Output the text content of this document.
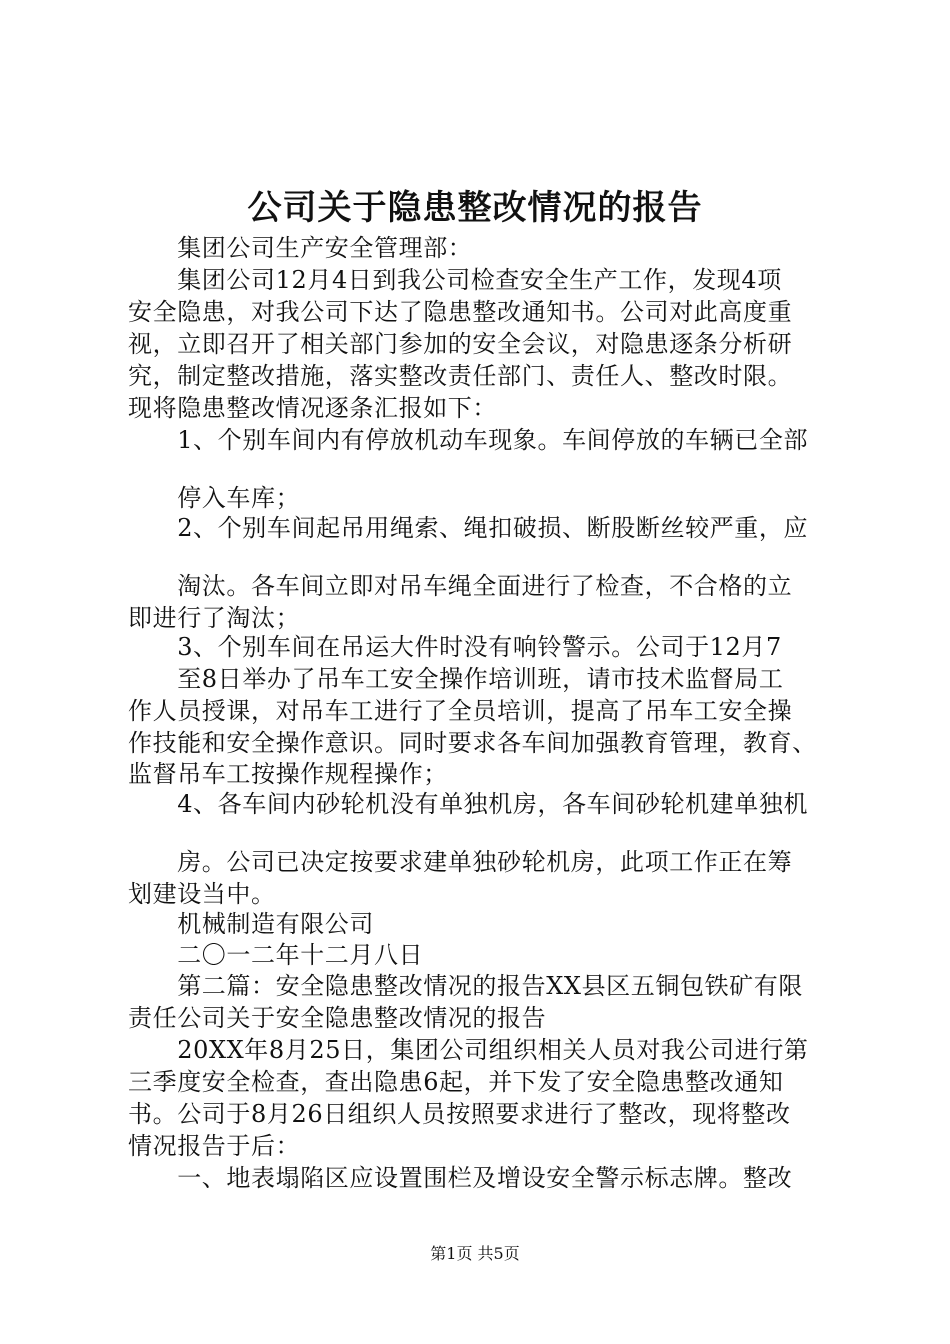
公司关于隐患整改情况的报告
　　集团公司生产安全管理部：
　　集团公司12月4日到我公司检查安全生产工作，发现4项
安全隐患，对我公司下达了隐患整改通知书。公司对此高度重
视，立即召开了相关部门参加的安全会议，对隐患逐条分析研
究，制定整改措施，落实整改责任部门、责任人、整改时限。
现将隐患整改情况逐条汇报如下：
　　1、个别车间内有停放机动车现象。车间停放的车辆已全部
　　停入车库；
　　2、个别车间起吊用绳索、绳扣破损、断股断丝较严重，应
　　淘汰。各车间立即对吊车绳全面进行了检查，不合格的立
即进行了淘汰；
　　3、个别车间在吊运大件时没有响铃警示。公司于12月7
　　至8日举办了吊车工安全操作培训班，请市技术监督局工
作人员授课，对吊车工进行了全员培训，提高了吊车工安全操
作技能和安全操作意识。同时要求各车间加强教育管理，教育、
监督吊车工按操作规程操作；
　　4、各车间内砂轮机没有单独机房，各车间砂轮机建单独机
　　房。公司已决定按要求建单独砂轮机房，此项工作正在筹
划建设当中。
　　机械制造有限公司
　　二〇一二年十二月八日
　　第二篇：安全隐患整改情况的报告XX县区五铜包铁矿有限
责任公司关于安全隐患整改情况的报告
　　20XX年8月25日，集团公司组织相关人员对我公司进行第
三季度安全检查，查出隐患6起，并下发了安全隐患整改通知
书。公司于8月26日组织人员按照要求进行了整改，现将整改
情况报告于后：
　　一、地表塌陷区应设置围栏及增设安全警示标志牌。整改
第1页 共5页
